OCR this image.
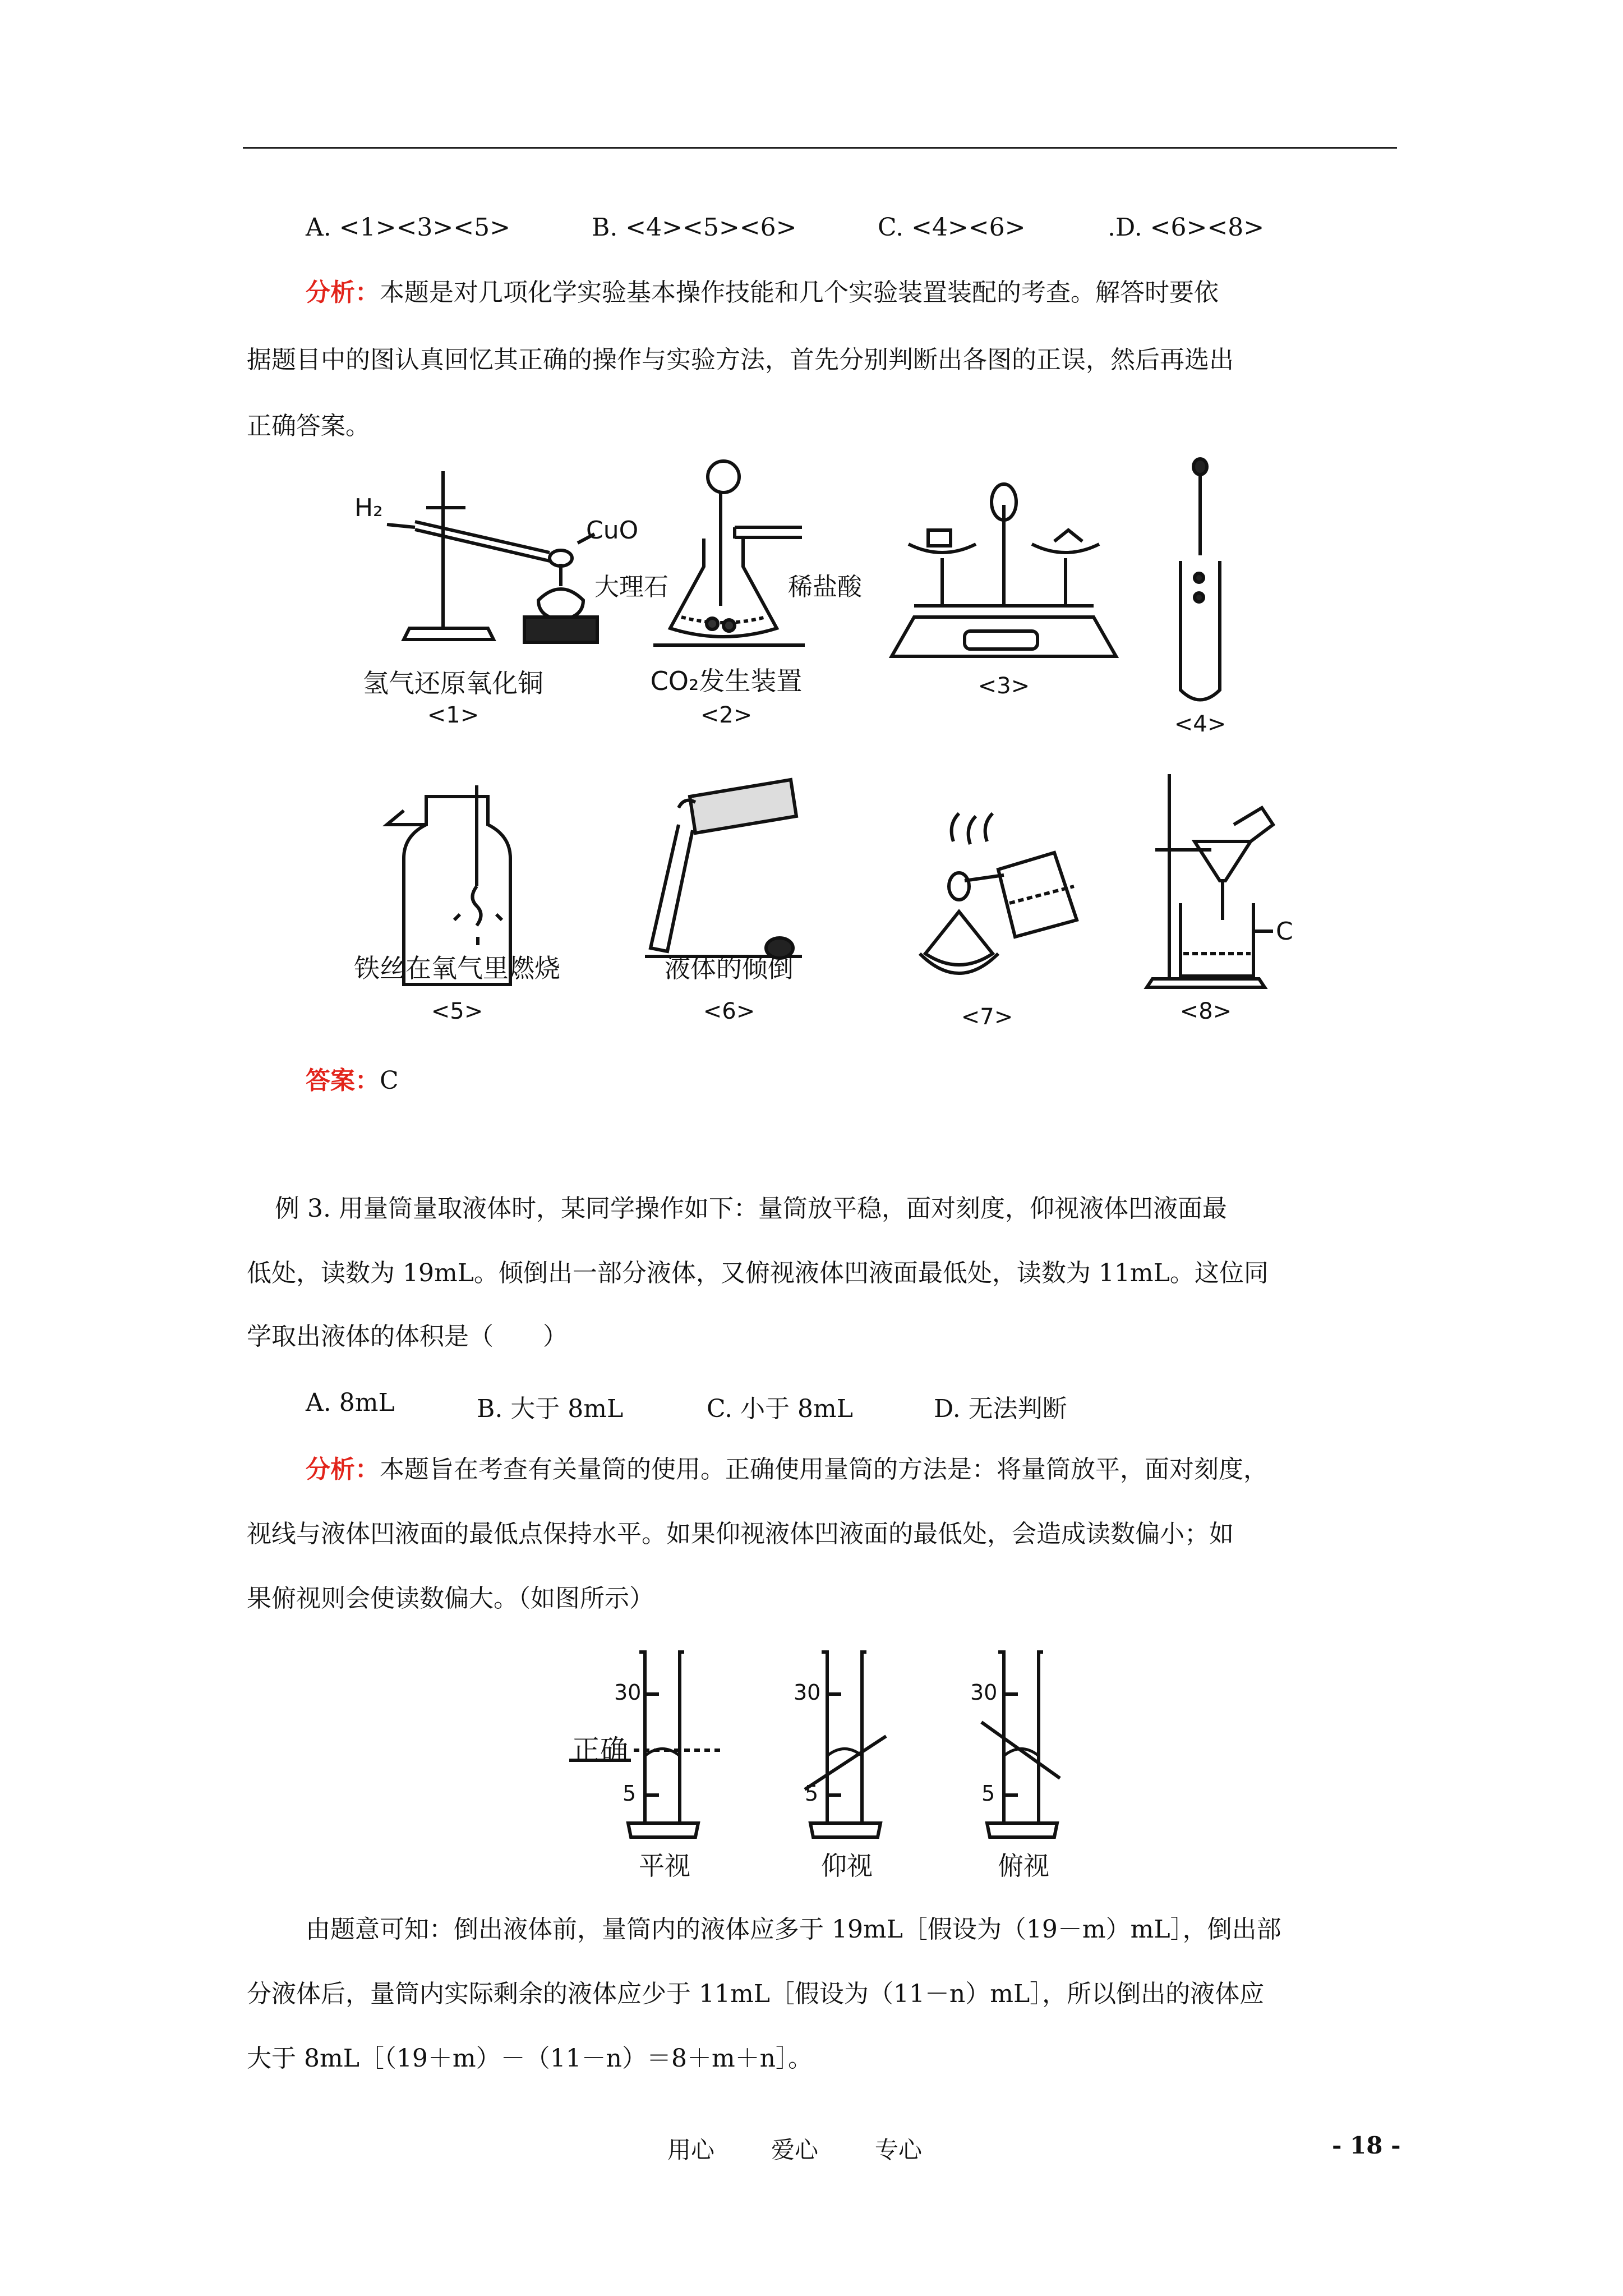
A. <1><3><5>	B. <4><5><6>	C. <4><6>	.D. <6><8>
分析：本题是对几项化学实验基本操作技能和几个实验装置装配的考查。解答时要依
据题目中的图认真回忆其正确的操作与实验方法，首先分别判断出各图的正误，然后再选出
正确答案。
H₂
CuO
氢气还原氧化铜
<1>
大理石	稀盐酸
CO₂发生装置
<2>
<3>
<4>
铁丝在氧气里燃烧
<5>
液体的倾倒
<6>	<7>
C
<8>
答案：C
例 3. 用量筒量取液体时，某同学操作如下：量筒放平稳，面对刻度，仰视液体凹液面最
低处，读数为 19mL。倾倒出一部分液体，又俯视液体凹液面最低处，读数为 11mL。这位同
学取出液体的体积是（　　）
A. 8mL	B. 大于 8mL	C. 小于 8mL	D. 无法判断
分析：本题旨在考查有关量筒的使用。正确使用量筒的方法是：将量筒放平，面对刻度，
视线与液体凹液面的最低点保持水平。如果仰视液体凹液面的最低处，会造成读数偏小；如
果俯视则会使读数偏大。（如图所示）
30
5
正确
平视
30
5
仰视
30
5
俯视
由题意可知：倒出液体前，量筒内的液体应多于 19mL［假设为（19－m）mL］，倒出部
分液体后，量筒内实际剩余的液体应少于 11mL［假设为（11－n）mL］，所以倒出的液体应
大于 8mL［（19＋m）－（11－n）＝8＋m＋n］。
用心 爱心 专心	- 18 -
